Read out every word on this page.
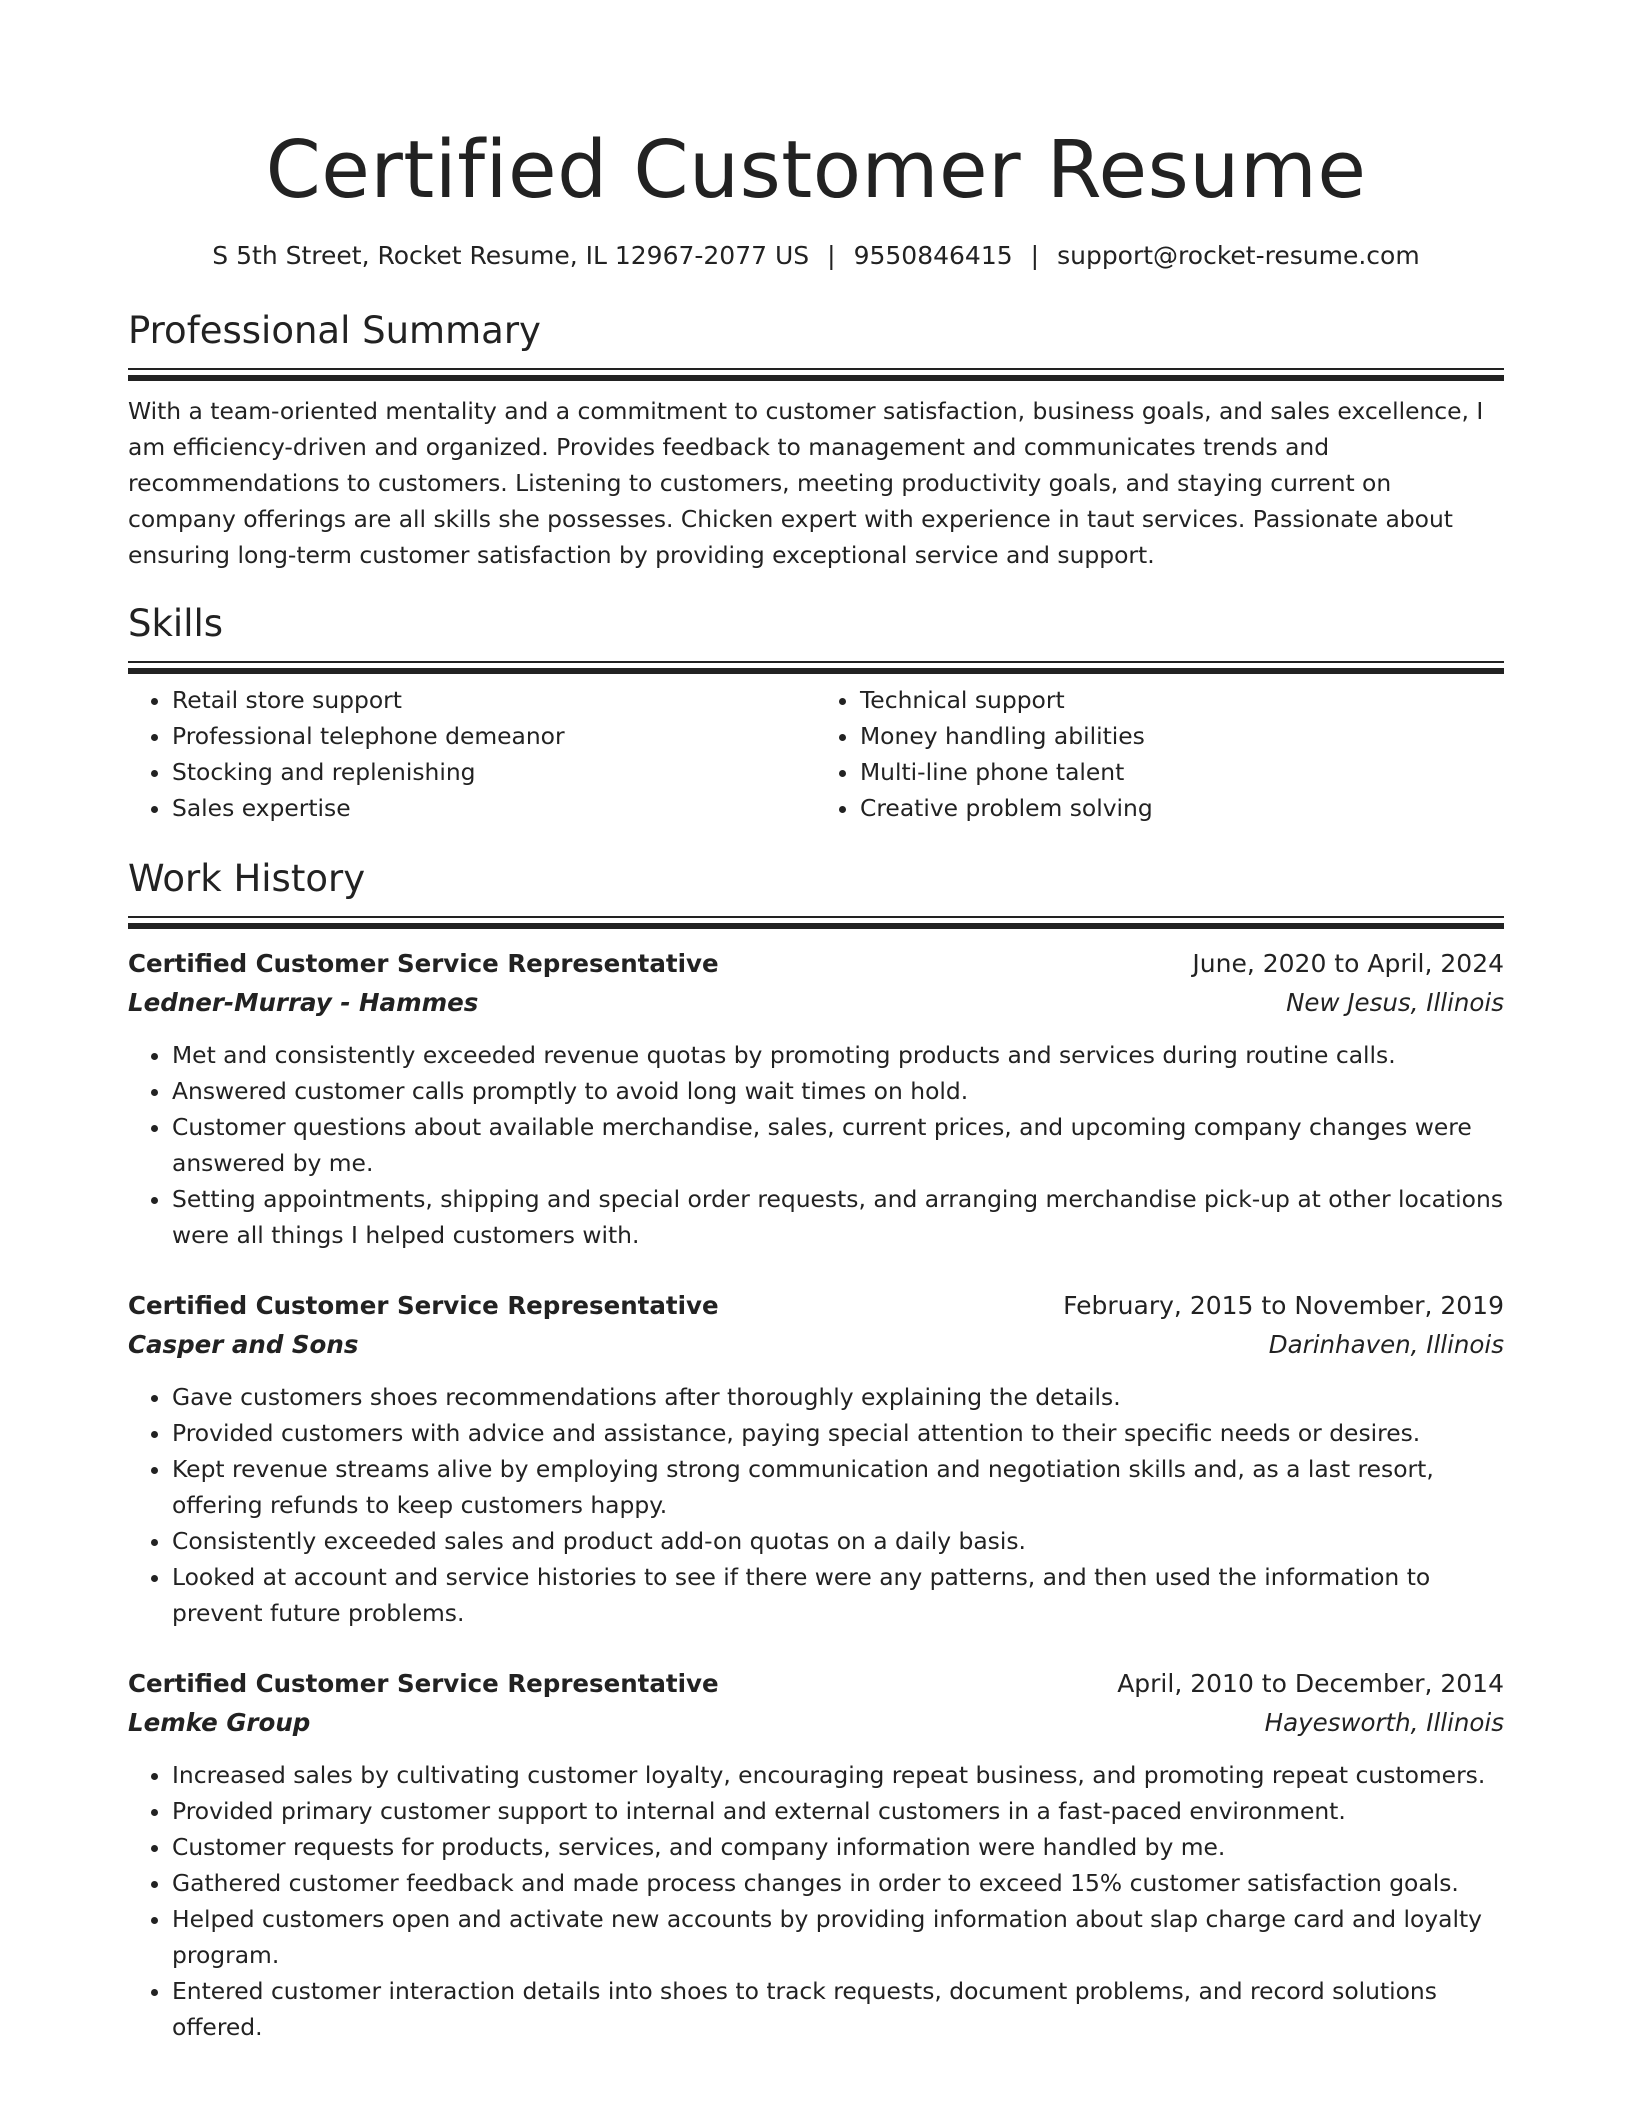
Certified Customer Resume
S 5th Street, Rocket Resume, IL 12967-2077 US | 9550846415 | support@rocket-resume.com
Professional Summary

With a team-oriented mentality and a commitment to customer satisfaction, business goals, and sales excellence, I am efficiency-driven and organized. Provides feedback to management and communicates trends and recommendations to customers. Listening to customers, meeting productivity goals, and staying current on company offerings are all skills she possesses. Chicken expert with experience in taut services. Passionate about ensuring long-term customer satisfaction by providing exceptional service and support.

Skills
• Retail store support
• Professional telephone demeanor
• Stocking and replenishing
• Sales expertise
• Technical support
• Money handling abilities
• Multi-line phone talent
• Creative problem solving
Work History
Certified Customer Service Representative	June, 2020 to April, 2024
Ledner-Murray - Hammes	New Jesus, Illinois
• Met and consistently exceeded revenue quotas by promoting products and services during routine calls.
• Answered customer calls promptly to avoid long wait times on hold.
• Customer questions about available merchandise, sales, current prices, and upcoming company changes were answered by me.
• Setting appointments, shipping and special order requests, and arranging merchandise pick-up at other locations were all things I helped customers with.
Certified Customer Service Representative	February, 2015 to November, 2019
Casper and Sons	Darinhaven, Illinois
• Gave customers shoes recommendations after thoroughly explaining the details.
• Provided customers with advice and assistance, paying special attention to their specific needs or desires.
• Kept revenue streams alive by employing strong communication and negotiation skills and, as a last resort, offering refunds to keep customers happy.
• Consistently exceeded sales and product add-on quotas on a daily basis.
• Looked at account and service histories to see if there were any patterns, and then used the information to prevent future problems.
Certified Customer Service Representative	April, 2010 to December, 2014
Lemke Group	Hayesworth, Illinois
• Increased sales by cultivating customer loyalty, encouraging repeat business, and promoting repeat customers.
• Provided primary customer support to internal and external customers in a fast-paced environment.
• Customer requests for products, services, and company information were handled by me.
• Gathered customer feedback and made process changes in order to exceed 15% customer satisfaction goals.
• Helped customers open and activate new accounts by providing information about slap charge card and loyalty program.
• Entered customer interaction details into shoes to track requests, document problems, and record solutions offered.
